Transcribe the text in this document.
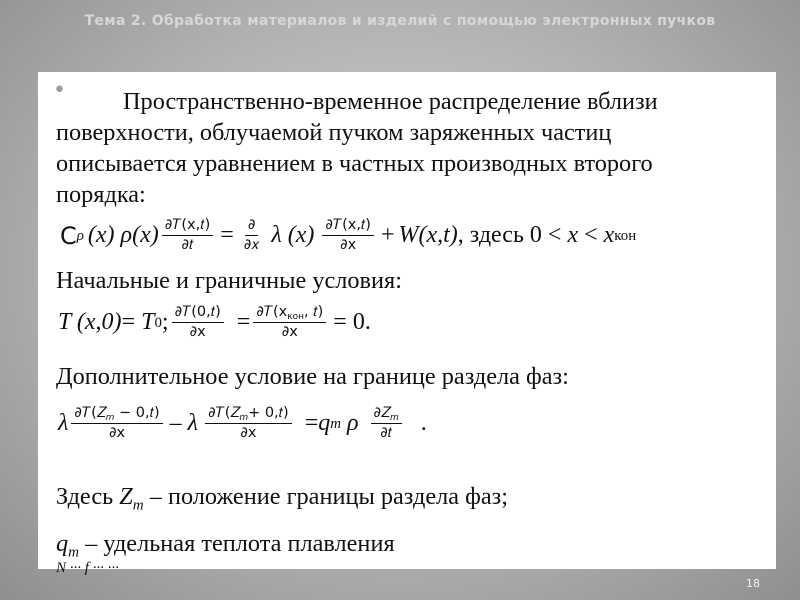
Тема 2. Обработка материалов и изделий с помощью электронных пучков
•	Пространственно-временное распределение вблизи поверхности, облучаемой пучком заряженных частиц описывается уравнением в частных производных второго порядка:
C ρ (x) ρ $(x) \frac{\text{∂𝑇(x,𝑡)}}{\text{∂𝑡}} = \frac{\partial}{\text{∂𝑥}}$ λ $(x) \frac{\text{∂𝑇(x,𝑡)}}{\partial x} + W(x,t)$ , здесь 0 < x < x кон
Начальные и граничные условия:
T (x,0) = T 0 ; $\frac{\text{∂𝑇(0,𝑡)}}{\partial x} = \frac{\partial 𝑇(x_{кон}, 𝑡)}{\partial x} = 0$.
Дополнительное условие на границе раздела фаз:
λ $\frac{\partial 𝑇(𝑍_m - 0,𝑡)}{\partial x} - \lambda \frac{\partial 𝑇(𝑍_m+ 0,𝑡)}{\partial x} = q$ m ρ $\frac{\partial 𝑍_m}{\text{∂𝑡}}$ .
Здесь $Z_m$ – положение границы раздела фаз;
$q_m$ – удельная теплота плавления
N ··· f ··· ···
18
